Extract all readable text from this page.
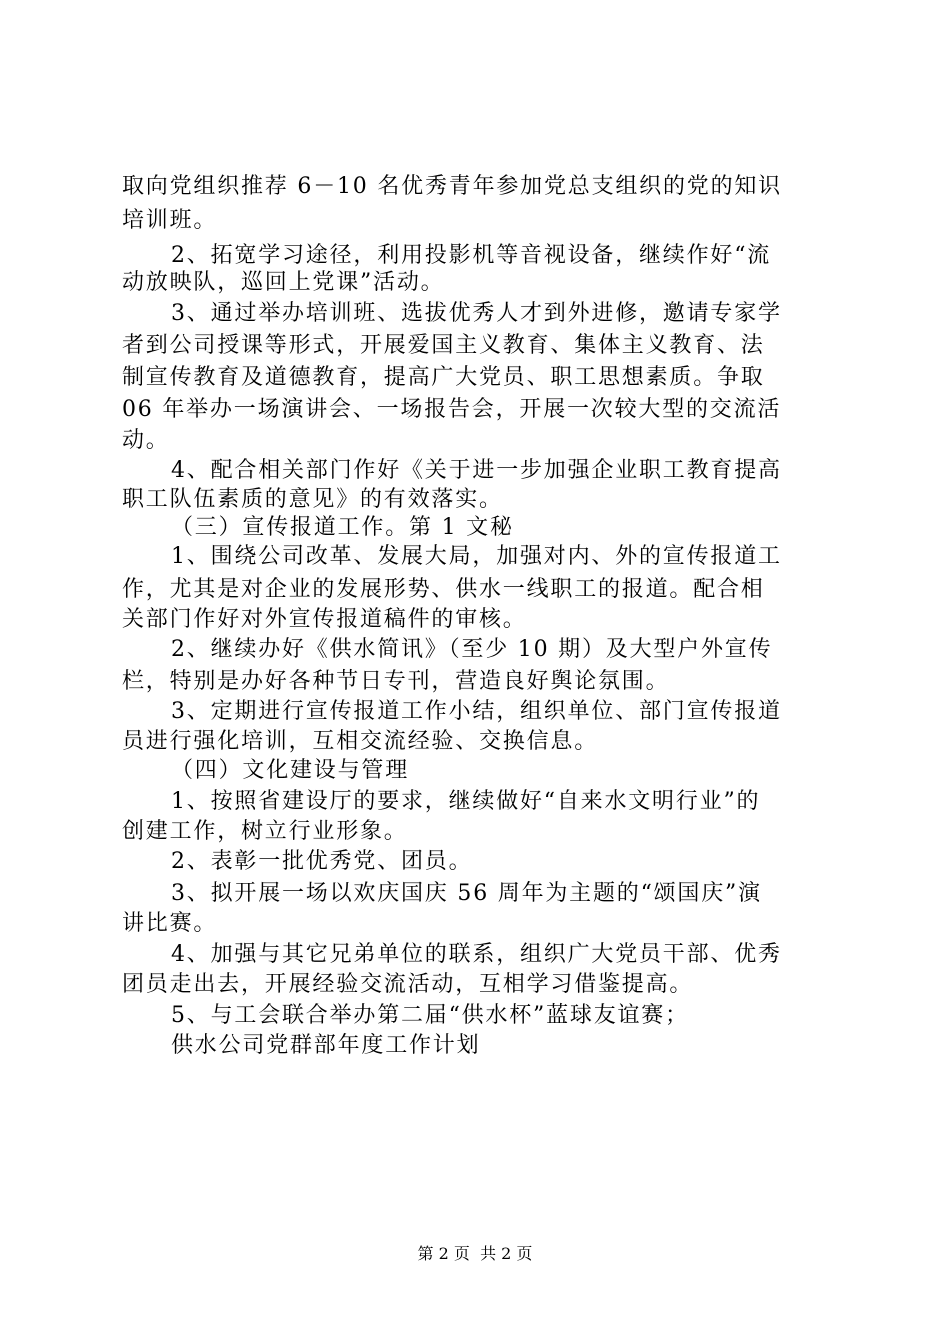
取向党组织推荐 6－10 名优秀青年参加党总支组织的党的知识
培训班。
2、拓宽学习途径，利用投影机等音视设备，继续作好“流
动放映队，巡回上党课”活动。
3、通过举办培训班、选拔优秀人才到外进修，邀请专家学
者到公司授课等形式，开展爱国主义教育、集体主义教育、法
制宣传教育及道德教育，提高广大党员、职工思想素质。争取
06 年举办一场演讲会、一场报告会，开展一次较大型的交流活
动。
4、配合相关部门作好《关于进一步加强企业职工教育提高
职工队伍素质的意见》的有效落实。
（三）宣传报道工作。第 1 文秘
1、围绕公司改革、发展大局，加强对内、外的宣传报道工
作，尤其是对企业的发展形势、供水一线职工的报道。配合相
关部门作好对外宣传报道稿件的审核。
2、继续办好《供水简讯》（至少 10 期）及大型户外宣传
栏，特别是办好各种节日专刊，营造良好舆论氛围。
3、定期进行宣传报道工作小结，组织单位、部门宣传报道
员进行强化培训，互相交流经验、交换信息。
（四）文化建设与管理
1、按照省建设厅的要求，继续做好“自来水文明行业”的
创建工作，树立行业形象。
2、表彰一批优秀党、团员。
3、拟开展一场以欢庆国庆 56 周年为主题的“颂国庆”演
讲比赛。
4、加强与其它兄弟单位的联系，组织广大党员干部、优秀
团员走出去，开展经验交流活动，互相学习借鉴提高。
5、与工会联合举办第二届“供水杯”蓝球友谊赛；
供水公司党群部年度工作计划
第 2 页  共 2 页
